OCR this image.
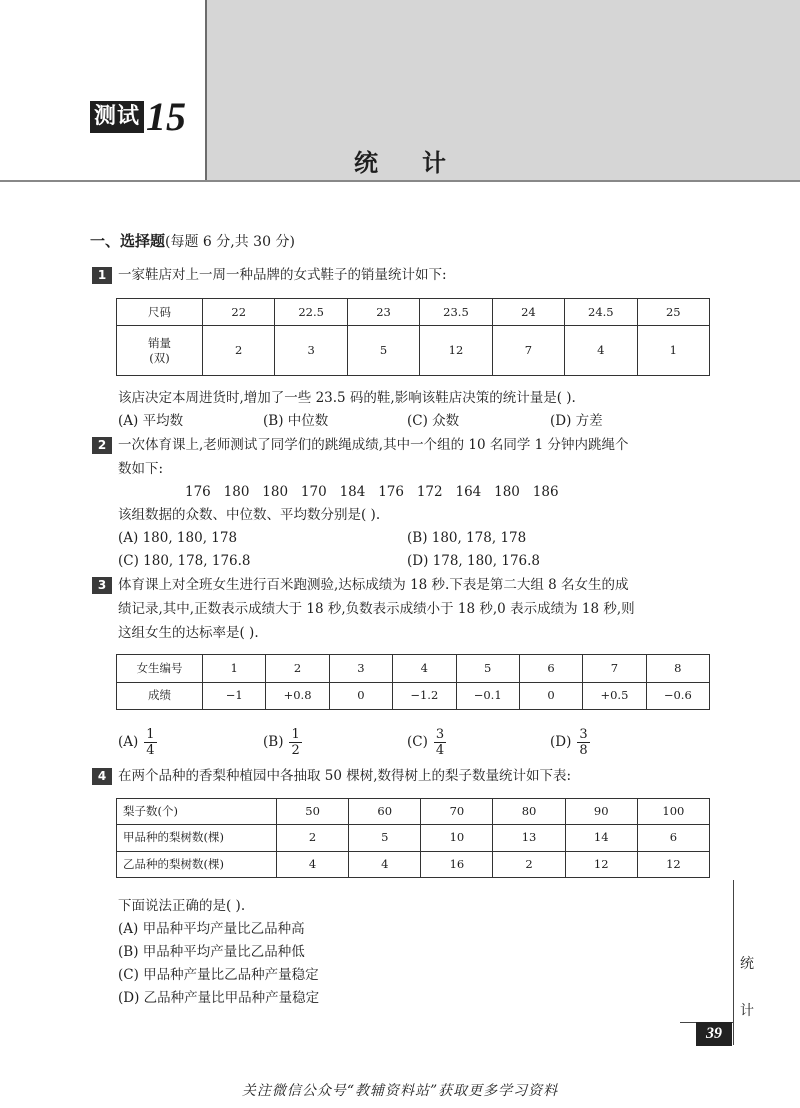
测试 15
统计
一、选择题(每题 6 分,共 30 分)
1 一家鞋店对上一周一种品牌的女式鞋子的销量统计如下:
尺码	22	22.5	23	23.5	24	24.5	25

销量
(双)	2	3	5	12	7	4	1
该店决定本周进货时,增加了一些 23.5 码的鞋,影响该鞋店决策的统计量是( ).
(A) 平均数	(B) 中位数	(C) 众数	(D) 方差
2 一次体育课上,老师测试了同学们的跳绳成绩,其中一个组的 10 名同学 1 分钟内跳绳个
数如下:
176   180   180   170   184   176   172   164   180   186
该组数据的众数、中位数、平均数分别是( ).
(A) 180, 180, 178	(B) 180, 178, 178
(C) 180, 178, 176.8	(D) 178, 180, 176.8
3 体育课上对全班女生进行百米跑测验,达标成绩为 18 秒.下表是第二大组 8 名女生的成
绩记录,其中,正数表示成绩大于 18 秒,负数表示成绩小于 18 秒,0 表示成绩为 18 秒,则
这组女生的达标率是( ).
女生编号	1	2	3	4	5	6	7	8
成绩	−1	+0.8	0	−1.2	−0.1	0	+0.5	−0.6
$(A) \frac{1}{4}$	$(B) \frac{1}{2}$	$(C) \frac{3}{4}$	$(D) \frac{3}{8}$
4 在两个品种的香梨种植园中各抽取 50 棵树,数得树上的梨子数量统计如下表:
梨子数(个)	50	60	70	80	90	100
甲品种的梨树数(棵)	2	5	10	13	14	6
乙品种的梨树数(棵)	4	4	16	2	12	12
下面说法正确的是( ).
(A) 甲品种平均产量比乙品种高
(B) 甲品种平均产量比乙品种低
(C) 甲品种产量比乙品种产量稳定
(D) 乙品种产量比甲品种产量稳定
统
计
39
关注微信公众号“教辅资料站”获取更多学习资料
